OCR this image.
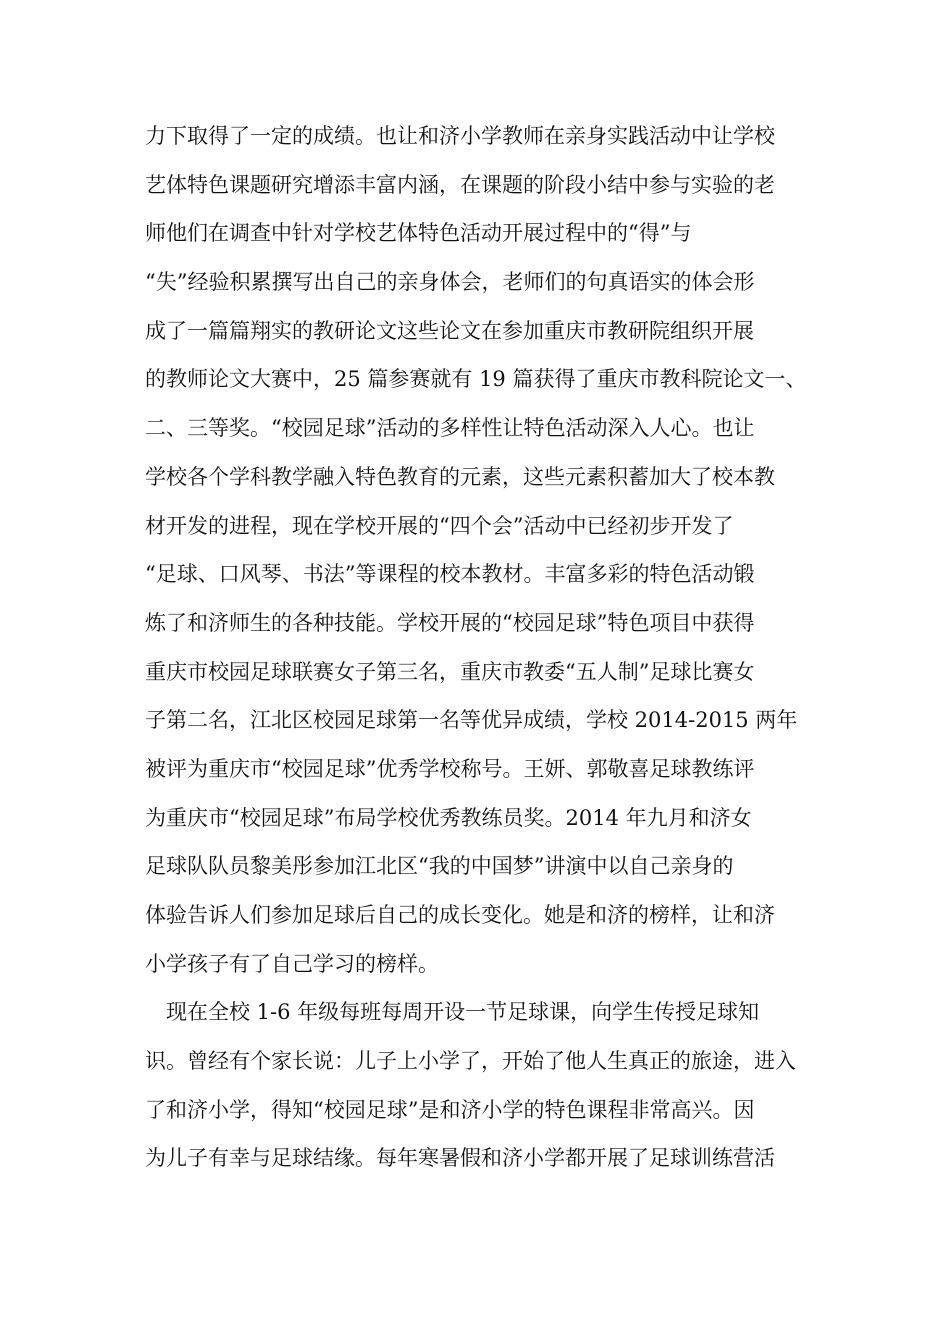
力下取得了一定的成绩。也让和济小学教师在亲身实践活动中让学校
艺体特色课题研究增添丰富内涵，在课题的阶段小结中参与实验的老
师他们在调查中针对学校艺体特色活动开展过程中的“得”与
“失”经验积累撰写出自己的亲身体会，老师们的句真语实的体会形
成了一篇篇翔实的教研论文这些论文在参加重庆市教研院组织开展
的教师论文大赛中，25 篇参赛就有 19 篇获得了重庆市教科院论文一、
二、三等奖。“校园足球”活动的多样性让特色活动深入人心。也让
学校各个学科教学融入特色教育的元素，这些元素积蓄加大了校本教
材开发的进程，现在学校开展的“四个会”活动中已经初步开发了
“足球、口风琴、书法”等课程的校本教材。丰富多彩的特色活动锻
炼了和济师生的各种技能。学校开展的“校园足球”特色项目中获得
重庆市校园足球联赛女子第三名，重庆市教委“五人制”足球比赛女
子第二名，江北区校园足球第一名等优异成绩，学校 2014-2015 两年
被评为重庆市“校园足球”优秀学校称号。王妍、郭敬喜足球教练评
为重庆市“校园足球”布局学校优秀教练员奖。2014 年九月和济女
足球队队员黎美彤参加江北区“我的中国梦”讲演中以自己亲身的
体验告诉人们参加足球后自己的成长变化。她是和济的榜样，让和济
小学孩子有了自己学习的榜样。
现在全校 1-6 年级每班每周开设一节足球课，向学生传授足球知
识。曾经有个家长说：儿子上小学了，开始了他人生真正的旅途，进入
了和济小学，得知“校园足球”是和济小学的特色课程非常高兴。因
为儿子有幸与足球结缘。每年寒暑假和济小学都开展了足球训练营活
